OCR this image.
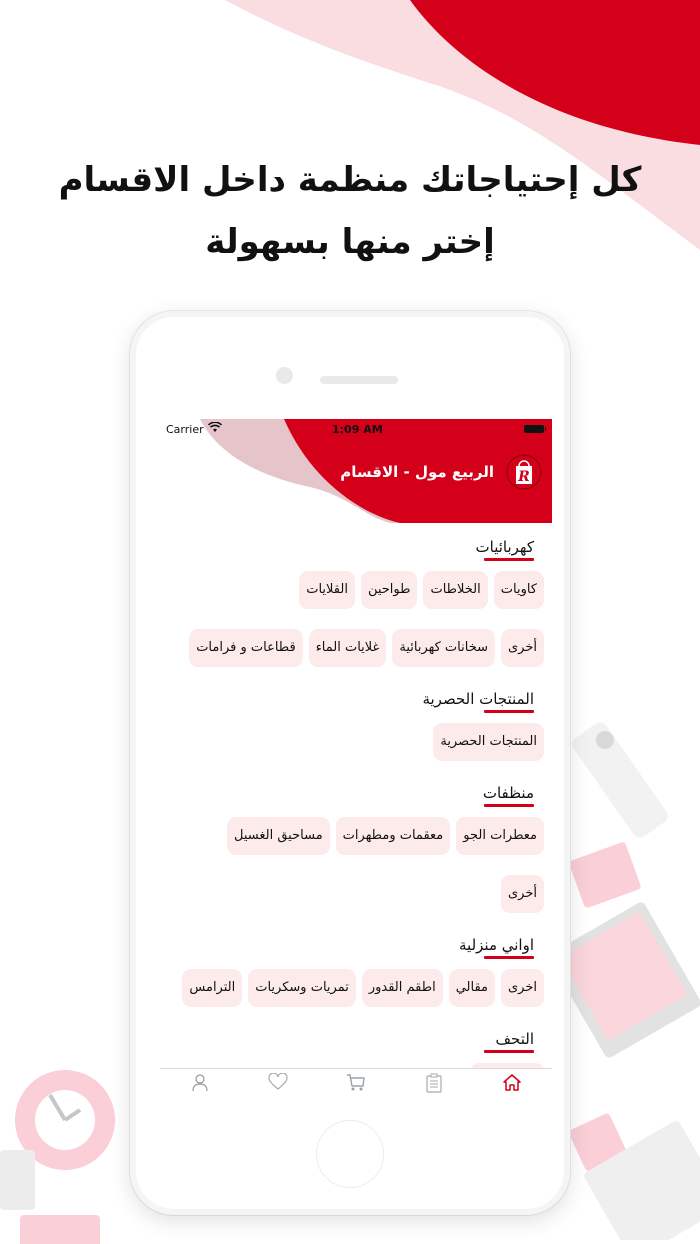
كل إحتياجاتك منظمة داخل الاقسام
إختر منها بسهولة
Carrier	1:09 AM
الربيع مول - الاقسام R
كهربائيات
كاويات
الخلاطات
طواحين
القلايات
أخرى
سخانات كهربائية
غلايات الماء
قطاعات و فرامات
المنتجات الحصرية
المنتجات الحصرية
منظفات
معطرات الجو
معقمات ومطهرات
مساحيق الغسيل
أخرى
اواني منزلية
اخرى
مقالي
اطقم القدور
تمريات وسكريات
الترامس
التحف
